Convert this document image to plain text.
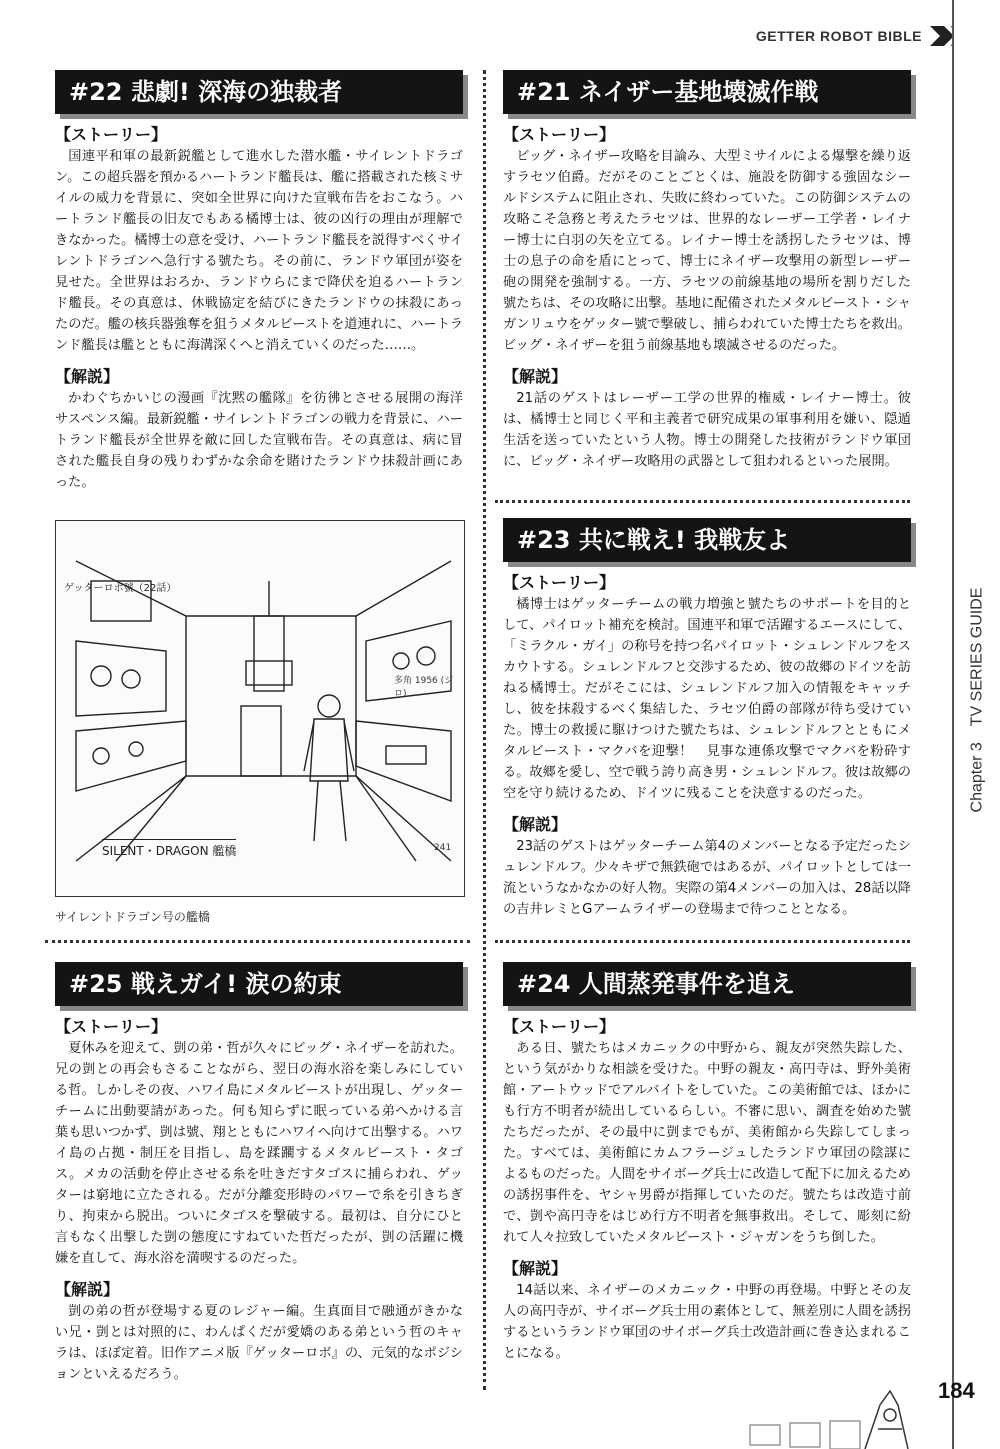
GETTER ROBOT BIBLE
Chapter 3　TV SERIES GUIDE
#22 悲劇! 深海の独裁者
【ストーリー】

国連平和軍の最新鋭艦として進水した潜水艦・サイレントドラゴン。この超兵器を預かるハートランド艦長は、艦に搭載された核ミサイルの威力を背景に、突如全世界に向けた宣戦布告をおこなう。ハートランド艦長の旧友でもある橘博士は、彼の凶行の理由が理解できなかった。橘博士の意を受け、ハートランド艦長を説得すべくサイレントドラゴンへ急行する號たち。その前に、ランドウ軍団が姿を見せた。全世界はおろか、ランドウらにまで降伏を迫るハートランド艦長。その真意は、休戦協定を結びにきたランドウの抹殺にあったのだ。艦の核兵器強奪を狙うメタルビーストを道連れに、ハートランド艦長は艦とともに海溝深くへと消えていくのだった……。

【解説】

かわぐちかいじの漫画『沈黙の艦隊』を彷彿とさせる展開の海洋サスペンス編。最新鋭艦・サイレントドラゴンの戦力を背景に、ハートランド艦長が全世界を敵に回した宣戦布告。その真意は、病に冒された艦長自身の残りわずかな余命を賭けたランドウ抹殺計画にあった。

#21 ネイザー基地壊滅作戦
【ストーリー】

ビッグ・ネイザー攻略を目論み、大型ミサイルによる爆撃を繰り返すラセツ伯爵。だがそのことごとくは、施設を防御する強固なシールドシステムに阻止され、失敗に終わっていた。この防御システムの攻略こそ急務と考えたラセツは、世界的なレーザー工学者・レイナー博士に白羽の矢を立てる。レイナー博士を誘拐したラセツは、博士の息子の命を盾にとって、博士にネイザー攻撃用の新型レーザー砲の開発を強制する。一方、ラセツの前線基地の場所を割りだした號たちは、その攻略に出撃。基地に配備されたメタルビースト・シャガンリュウをゲッター號で撃破し、捕らわれていた博士たちを救出。ビッグ・ネイザーを狙う前線基地も壊滅させるのだった。

【解説】

21話のゲストはレーザー工学の世界的権威・レイナー博士。彼は、橘博士と同じく平和主義者で研究成果の軍事利用を嫌い、隠遁生活を送っていたという人物。博士の開発した技術がランドウ軍団に、ビッグ・ネイザー攻略用の武器として狙われるといった展開。

#23 共に戦え! 我戦友よ
【ストーリー】

橘博士はゲッターチームの戦力増強と號たちのサポートを目的として、パイロット補充を検討。国連平和軍で活躍するエースにして、「ミラクル・ガイ」の称号を持つ名パイロット・シュレンドルフをスカウトする。シュレンドルフと交渉するため、彼の故郷のドイツを訪ねる橘博士。だがそこには、シュレンドルフ加入の情報をキャッチし、彼を抹殺するべく集結した、ラセツ伯爵の部隊が待ち受けていた。博士の救援に駆けつけた號たちは、シュレンドルフとともにメタルビースト・マクバを迎撃！　見事な連係攻撃でマクバを粉砕する。故郷を愛し、空で戦う誇り高き男・シュレンドルフ。彼は故郷の空を守り続けるため、ドイツに残ることを決意するのだった。

【解説】

23話のゲストはゲッターチーム第4のメンバーとなる予定だったシュレンドルフ。少々キザで無鉄砲ではあるが、パイロットとしては一流というなかなかの好人物。実際の第4メンバーの加入は、28話以降の吉井レミとGアームライザーの登場まで待つこととなる。

ゲッターロボ號（22話）
SILENT・DRAGON 艦橋
多角 1956 (ジロ)
241
サイレントドラゴン号の艦橋
#25 戦えガイ! 涙の約束
【ストーリー】

夏休みを迎えて、剴の弟・哲が久々にビッグ・ネイザーを訪れた。兄の剴との再会もさることながら、翌日の海水浴を楽しみにしている哲。しかしその夜、ハワイ島にメタルビーストが出現し、ゲッターチームに出動要請があった。何も知らずに眠っている弟へかける言葉も思いつかず、剴は號、翔とともにハワイへ向けて出撃する。ハワイ島の占拠・制圧を目指し、島を蹂躙するメタルビースト・タゴス。メカの活動を停止させる糸を吐きだすタゴスに捕らわれ、ゲッターは窮地に立たされる。だが分離変形時のパワーで糸を引きちぎり、拘束から脱出。ついにタゴスを撃破する。最初は、自分にひと言もなく出撃した剴の態度にすねていた哲だったが、剴の活躍に機嫌を直して、海水浴を満喫するのだった。

【解説】

剴の弟の哲が登場する夏のレジャー編。生真面目で融通がきかない兄・剴とは対照的に、わんぱくだが愛嬌のある弟という哲のキャラは、ほぼ定着。旧作アニメ版『ゲッターロボ』の、元気的なポジションといえるだろう。

#24 人間蒸発事件を追え
【ストーリー】

ある日、號たちはメカニックの中野から、親友が突然失踪した、という気がかりな相談を受けた。中野の親友・高円寺は、野外美術館・アートウッドでアルバイトをしていた。この美術館では、ほかにも行方不明者が続出しているらしい。不審に思い、調査を始めた號たちだったが、その最中に剴までもが、美術館から失踪してしまった。すべては、美術館にカムフラージュしたランドウ軍団の陰謀によるものだった。人間をサイボーグ兵士に改造して配下に加えるための誘拐事件を、ヤシャ男爵が指揮していたのだ。號たちは改造寸前で、剴や高円寺をはじめ行方不明者を無事救出。そして、彫刻に紛れて人々拉致していたメタルビースト・ジャガンをうち倒した。

【解説】

14話以来、ネイザーのメカニック・中野の再登場。中野とその友人の高円寺が、サイボーグ兵士用の素体として、無差別に人間を誘拐するというランドウ軍団のサイボーグ兵士改造計画に巻き込まれることになる。

184
